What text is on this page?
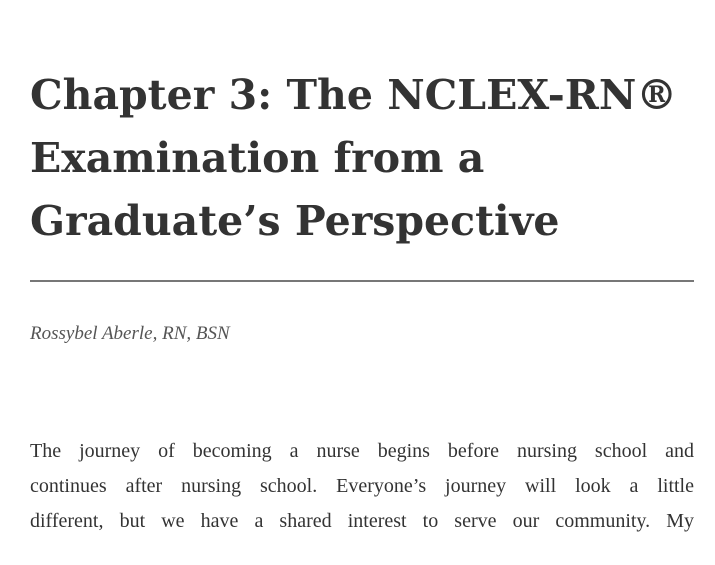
Chapter 3: The NCLEX-RN® Examination from a Graduate’s Perspective

Rossybel Aberle, RN, BSN

The journey of becoming a nurse begins before nursing school and
continues after nursing school. Everyone’s journey will look a little
different, but we have a shared interest to serve our community. My
